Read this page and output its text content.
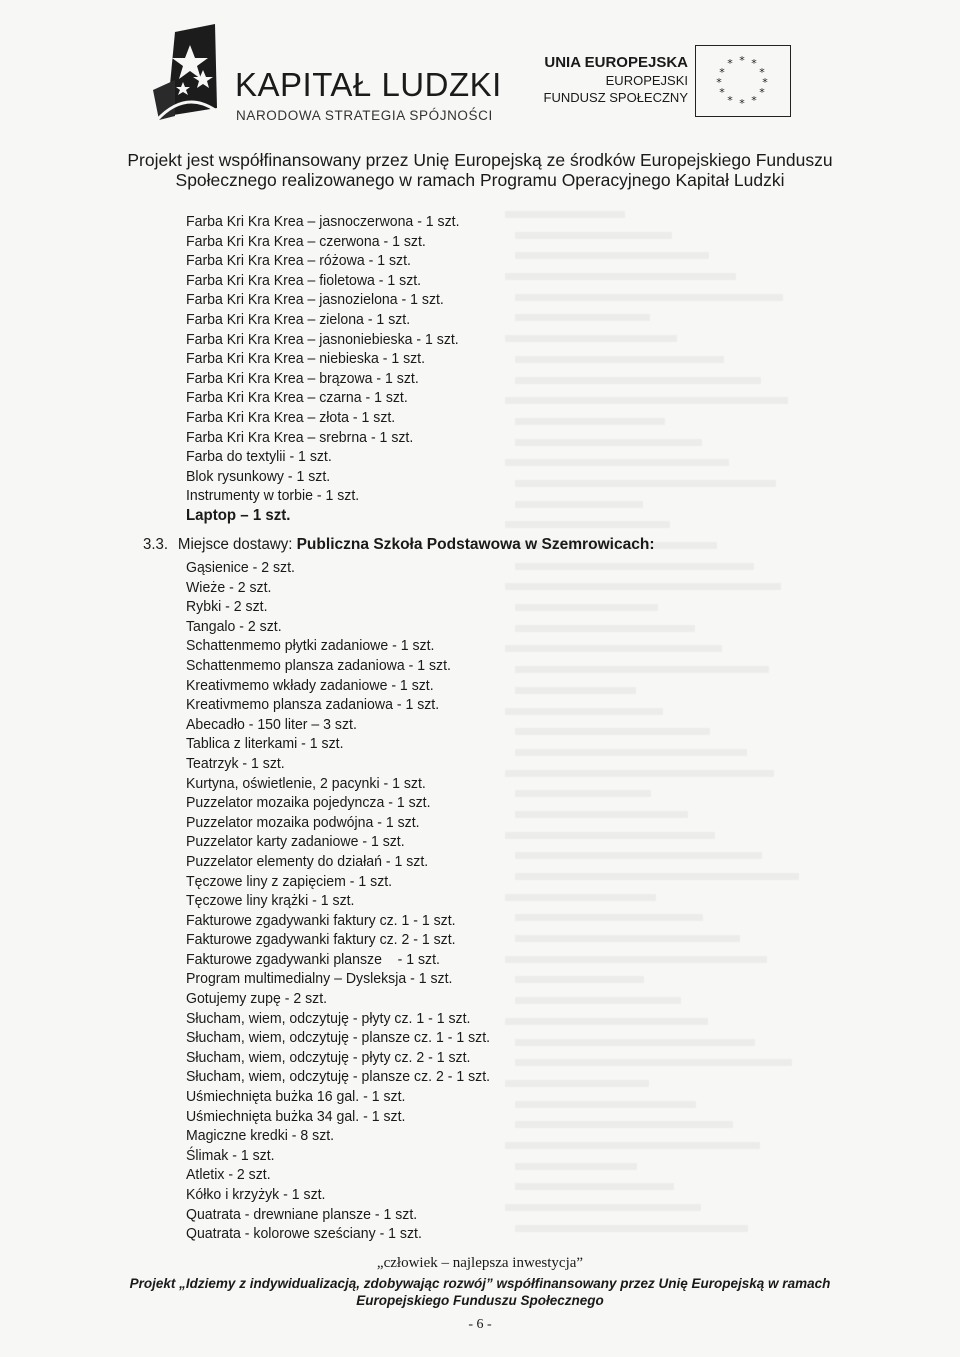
KAPITAŁ LUDZKI
NARODOWA STRATEGIA SPÓJNOŚCI
UNIA EUROPEJSKA
EUROPEJSKI
FUNDUSZ SPOŁECZNY
* *
*
*
*
*
*
*
*
*
*
*
Projekt jest współfinansowany przez Unię Europejską ze środków Europejskiego Funduszu
Społecznego realizowanego w ramach Programu Operacyjnego Kapitał Ludzki
Farba Kri Kra Krea – jasnoczerwona - 1 szt.
Farba Kri Kra Krea – czerwona - 1 szt.
Farba Kri Kra Krea – różowa - 1 szt.
Farba Kri Kra Krea – fioletowa - 1 szt.
Farba Kri Kra Krea – jasnozielona - 1 szt.
Farba Kri Kra Krea – zielona - 1 szt.
Farba Kri Kra Krea – jasnoniebieska - 1 szt.
Farba Kri Kra Krea – niebieska - 1 szt.
Farba Kri Kra Krea – brązowa - 1 szt.
Farba Kri Kra Krea – czarna - 1 szt.
Farba Kri Kra Krea – złota - 1 szt.
Farba Kri Kra Krea – srebrna - 1 szt.
Farba do textylii - 1 szt.
Blok rysunkowy - 1 szt.
Instrumenty w torbie - 1 szt.
Laptop – 1 szt.
3.3. Miejsce dostawy: Publiczna Szkoła Podstawowa w Szemrowicach:
Gąsienice - 2 szt.
Wieże - 2 szt.
Rybki - 2 szt.
Tangalo - 2 szt.
Schattenmemo płytki zadaniowe - 1 szt.
Schattenmemo plansza zadaniowa - 1 szt.
Kreativmemo wkłady zadaniowe - 1 szt.
Kreativmemo plansza zadaniowa - 1 szt.
Abecadło - 150 liter – 3 szt.
Tablica z literkami - 1 szt.
Teatrzyk - 1 szt.
Kurtyna, oświetlenie, 2 pacynki - 1 szt.
Puzzelator mozaika pojedyncza - 1 szt.
Puzzelator mozaika podwójna - 1 szt.
Puzzelator karty zadaniowe - 1 szt.
Puzzelator elementy do działań - 1 szt.
Tęczowe liny z zapięciem - 1 szt.
Tęczowe liny krążki - 1 szt.
Fakturowe zgadywanki faktury cz. 1 - 1 szt.
Fakturowe zgadywanki faktury cz. 2 - 1 szt.
Fakturowe zgadywanki plansze    - 1 szt.
Program multimedialny – Dysleksja - 1 szt.
Gotujemy zupę - 2 szt.
Słucham, wiem, odczytuję - płyty cz. 1 - 1 szt.
Słucham, wiem, odczytuję - plansze cz. 1 - 1 szt.
Słucham, wiem, odczytuję - płyty cz. 2 - 1 szt.
Słucham, wiem, odczytuję - plansze cz. 2 - 1 szt.
Uśmiechnięta bużka 16 gal. - 1 szt.
Uśmiechnięta bużka 34 gal. - 1 szt.
Magiczne kredki - 8 szt.
Ślimak - 1 szt.
Atletix - 2 szt.
Kółko i krzyżyk - 1 szt.
Quatrata - drewniane plansze - 1 szt.
Quatrata - kolorowe sześciany - 1 szt.
„człowiek – najlepsza inwestycja”
Projekt „Idziemy z indywidualizacją, zdobywając rozwój” współfinansowany przez Unię Europejską w ramach
Europejskiego Funduszu Społecznego
- 6 -
